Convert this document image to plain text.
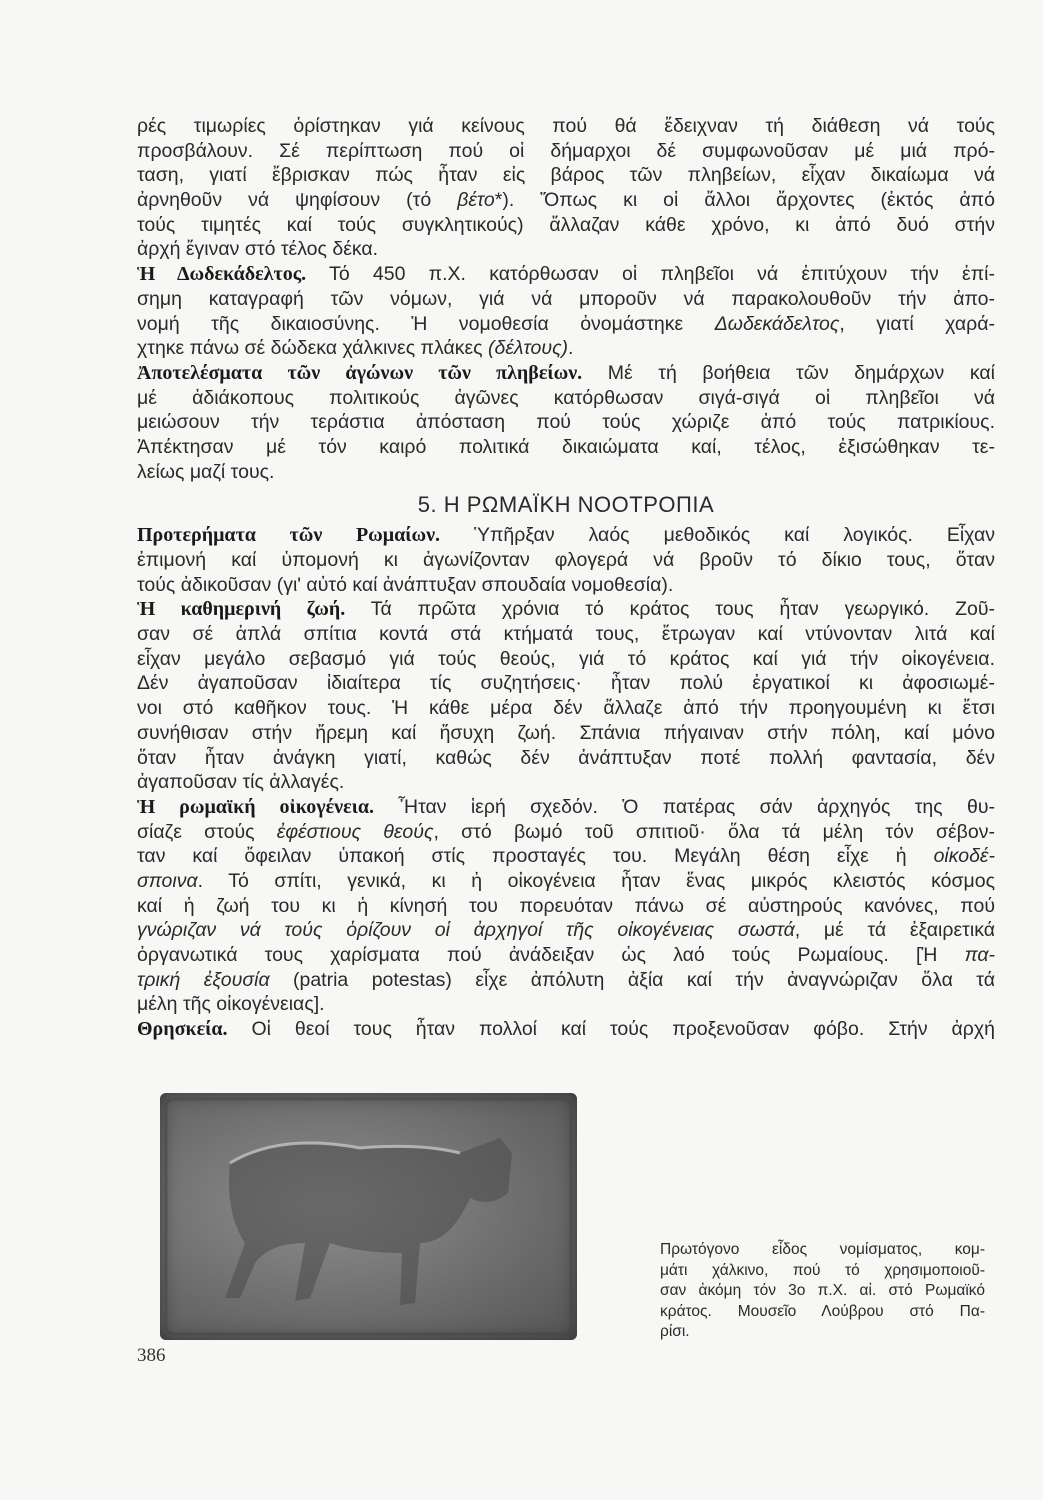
ρές τιμωρίες ὁρίστηκαν γιά κείνους πού θά ἔδειχναν τή διάθεση νά τούς
προσβάλουν. Σέ περίπτωση πού οἱ δήμαρχοι δέ συμφωνοῦσαν μέ μιά πρό-
ταση, γιατί ἔβρισκαν πώς ἦταν εἰς βάρος τῶν πληβείων, εἶχαν δικαίωμα νά
ἀρνηθοῦν νά ψηφίσουν (τό βέτο*). Ὅπως κι οἱ ἄλλοι ἄρχοντες (ἐκτός ἀπό
τούς τιμητές καί τούς συγκλητικούς) ἄλλαζαν κάθε χρόνο, κι ἀπό δυό στήν
ἀρχή ἔγιναν στό τέλος δέκα.
Ἡ Δωδεκάδελτος. Τό 450 π.Χ. κατόρθωσαν οἱ πληβεῖοι νά ἐπιτύχουν τήν ἐπί-
σημη καταγραφή τῶν νόμων, γιά νά μποροῦν νά παρακολουθοῦν τήν ἀπο-
νομή τῆς δικαιοσύνης. Ἡ νομοθεσία ὀνομάστηκε Δωδεκάδελτος, γιατί χαρά-
χτηκε πάνω σέ δώδεκα χάλκινες πλάκες (δέλτους).
Ἀποτελέσματα τῶν ἀγώνων τῶν πληβείων. Μέ τή βοήθεια τῶν δημάρχων καί
μέ ἀδιάκοπους πολιτικούς ἀγῶνες κατόρθωσαν σιγά-σιγά οἱ πληβεῖοι νά
μειώσουν τήν τεράστια ἀπόσταση πού τούς χώριζε ἀπό τούς πατρικίους.
Ἀπέκτησαν μέ τόν καιρό πολιτικά δικαιώματα καί, τέλος, ἐξισώθηκαν τε-
λείως μαζί τους.
5. Η ΡΩΜΑΪΚΗ ΝΟΟΤΡΟΠΙΑ
Προτερήματα τῶν Ρωμαίων. Ὑπῆρξαν λαός μεθοδικός καί λογικός. Εἶχαν
ἐπιμονή καί ὑπομονή κι ἀγωνίζονταν φλογερά νά βροῦν τό δίκιο τους, ὅταν
τούς ἀδικοῦσαν (γι' αὐτό καί ἀνάπτυξαν σπουδαία νομοθεσία).
Ἡ καθημερινή ζωή. Τά πρῶτα χρόνια τό κράτος τους ἦταν γεωργικό. Ζοῦ-
σαν σέ ἁπλά σπίτια κοντά στά κτήματά τους, ἔτρωγαν καί ντύνονταν λιτά καί
εἶχαν μεγάλο σεβασμό γιά τούς θεούς, γιά τό κράτος καί γιά τήν οἰκογένεια.
Δέν ἀγαποῦσαν ἰδιαίτερα τίς συζητήσεις· ἦταν πολύ ἐργατικοί κι ἀφοσιωμέ-
νοι στό καθῆκον τους. Ἡ κάθε μέρα δέν ἄλλαζε ἀπό τήν προηγουμένη κι ἔτσι
συνήθισαν στήν ἤρεμη καί ἥσυχη ζωή. Σπάνια πήγαιναν στήν πόλη, καί μόνο
ὅταν ἦταν ἀνάγκη γιατί, καθώς δέν ἀνάπτυξαν ποτέ πολλή φαντασία, δέν
ἀγαποῦσαν τίς ἀλλαγές.
Ἡ ρωμαϊκή οἰκογένεια. Ἦταν ἱερή σχεδόν. Ὁ πατέρας σάν ἀρχηγός της θυ-
σίαζε στούς ἐφέστιους θεούς, στό βωμό τοῦ σπιτιοῦ· ὅλα τά μέλη τόν σέβον-
ταν καί ὄφειλαν ὑπακοή στίς προσταγές του. Μεγάλη θέση εἶχε ἡ οἰκοδέ-
σποινα. Τό σπίτι, γενικά, κι ἡ οἰκογένεια ἦταν ἕνας μικρός κλειστός κόσμος
καί ἡ ζωή του κι ἡ κίνησή του πορευόταν πάνω σέ αὐστηρούς κανόνες, πού
γνώριζαν νά τούς ὁρίζουν οἱ ἀρχηγοί τῆς οἰκογένειας σωστά, μέ τά ἐξαιρετικά
ὀργανωτικά τους χαρίσματα πού ἀνάδειξαν ὡς λαό τούς Ρωμαίους. [Ἡ πα-
τρική ἐξουσία (patria potestas) εἶχε ἀπόλυτη ἀξία καί τήν ἀναγνώριζαν ὅλα τά
μέλη τῆς οἰκογένειας].
Θρησκεία. Οἱ θεοί τους ἦταν πολλοί καί τούς προξενοῦσαν φόβο. Στήν ἀρχή
Πρωτόγονο εἶδος νομίσματος, κομ-
μάτι χάλκινο, πού τό χρησιμοποιοῦ-
σαν ἀκόμη τόν 3ο π.Χ. αἰ. στό Ρωμαϊκό
κράτος. Μουσεῖο Λούβρου στό Πα-
ρίσι.
386
